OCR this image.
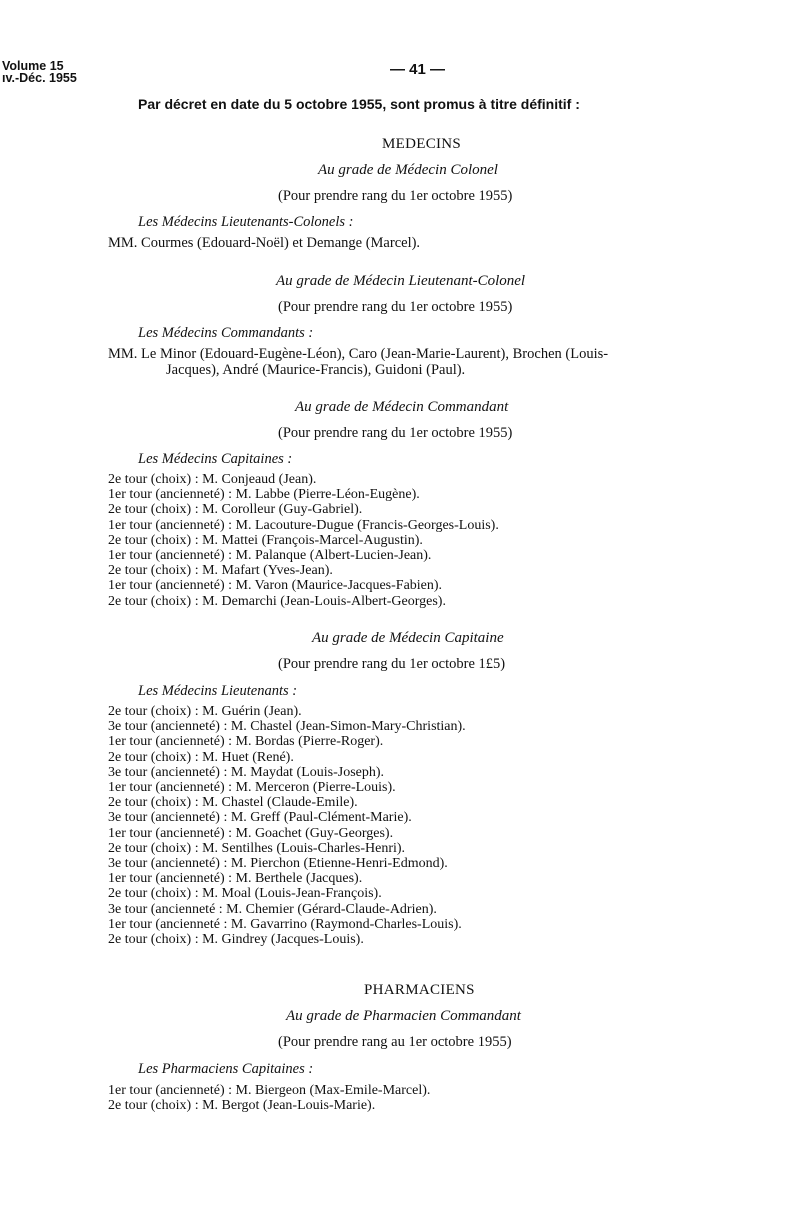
Volume 15
ıv.-Déc. 1955	— 41 —
Par décret en date du 5 octobre 1955, sont promus à titre définitif :
MEDECINS
Au grade de Médecin Colonel
(Pour prendre rang du 1er octobre 1955)
Les Médecins Lieutenants-Colonels :
MM. Courmes (Edouard-Noël) et Demange (Marcel).
Au grade de Médecin Lieutenant-Colonel
(Pour prendre rang du 1er octobre 1955)
Les Médecins Commandants :
MM. Le Minor (Edouard-Eugène-Léon), Caro (Jean-Marie-Laurent), Brochen (Louis-
Jacques), André (Maurice-Francis), Guidoni (Paul).
Au grade de Médecin Commandant
(Pour prendre rang du 1er octobre 1955)
Les Médecins Capitaines :
2e tour (choix) : M. Conjeaud (Jean).
1er tour (ancienneté) : M. Labbe (Pierre-Léon-Eugène).
2e tour (choix) : M. Corolleur (Guy-Gabriel).
1er tour (ancienneté) : M. Lacouture-Dugue (Francis-Georges-Louis).
2e tour (choix) : M. Mattei (François-Marcel-Augustin).
1er tour (ancienneté) : M. Palanque (Albert-Lucien-Jean).
2e tour (choix) : M. Mafart (Yves-Jean).
1er tour (ancienneté) : M. Varon (Maurice-Jacques-Fabien).
2e tour (choix) : M. Demarchi (Jean-Louis-Albert-Georges).
Au grade de Médecin Capitaine
(Pour prendre rang du 1er octobre 1£5)
Les Médecins Lieutenants :
2e tour (choix) : M. Guérin (Jean).
3e tour (ancienneté) : M. Chastel (Jean-Simon-Mary-Christian).
1er tour (ancienneté) : M. Bordas (Pierre-Roger).
2e tour (choix) : M. Huet (René).
3e tour (ancienneté) : M. Maydat (Louis-Joseph).
1er tour (ancienneté) : M. Merceron (Pierre-Louis).
2e tour (choix) : M. Chastel (Claude-Emile).
3e tour (ancienneté) : M. Greff (Paul-Clément-Marie).
1er tour (ancienneté) : M. Goachet (Guy-Georges).
2e tour (choix) : M. Sentilhes (Louis-Charles-Henri).
3e tour (ancienneté) : M. Pierchon (Etienne-Henri-Edmond).
1er tour (ancienneté) : M. Berthele (Jacques).
2e tour (choix) : M. Moal (Louis-Jean-François).
3e tour (ancienneté : M. Chemier (Gérard-Claude-Adrien).
1er tour (ancienneté : M. Gavarrino (Raymond-Charles-Louis).
2e tour (choix) : M. Gindrey (Jacques-Louis).
PHARMACIENS
Au grade de Pharmacien Commandant
(Pour prendre rang au 1er octobre 1955)
Les Pharmaciens Capitaines :
1er tour (ancienneté) : M. Biergeon (Max-Emile-Marcel).
2e tour (choix) : M. Bergot (Jean-Louis-Marie).
